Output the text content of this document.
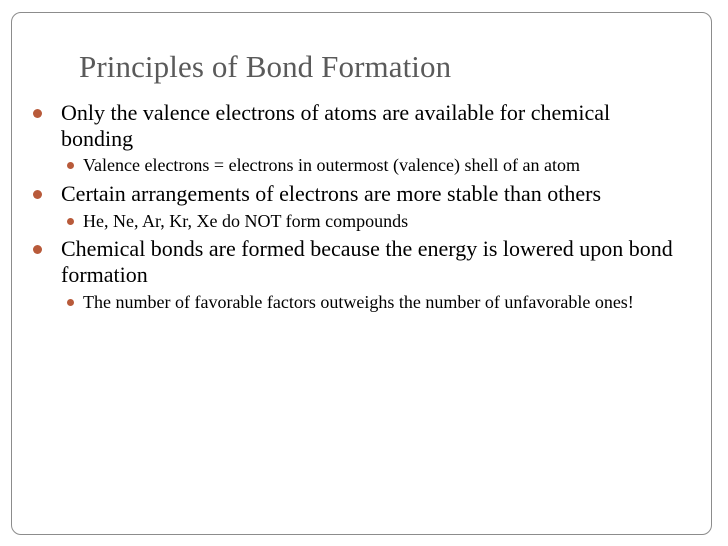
Principles of Bond Formation
Only the valence electrons of atoms are available for chemical bonding
Valence electrons = electrons in outermost (valence) shell of an atom
Certain arrangements of electrons are more stable than others
He, Ne, Ar, Kr, Xe do NOT form compounds
Chemical bonds are formed because the energy is lowered upon bond formation
The number of favorable factors outweighs the number of unfavorable ones!
